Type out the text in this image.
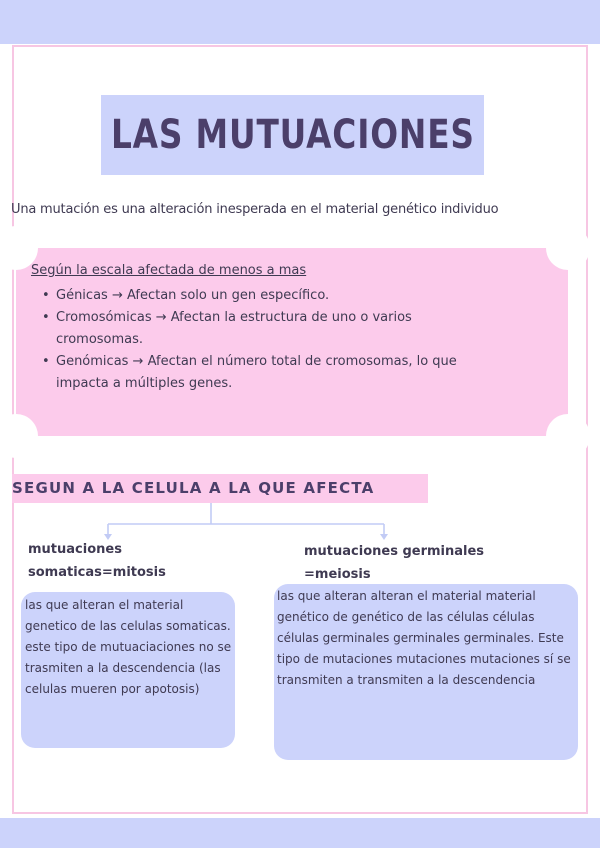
LAS MUTUACIONES
Una mutación es una alteración inesperada en el material genético individuo
Según la escala afectada de menos a mas
• Génicas → Afectan solo un gen específico.
• Cromosómicas → Afectan la estructura de uno o varios cromosomas.
• Genómicas → Afectan el número total de cromosomas, lo que impacta a múltiples genes.
SEGUN A LA CELULA A LA QUE AFECTA
mutuaciones somaticas=mitosis
mutuaciones germinales =meiosis
las que alteran el material genetico de las celulas somaticas. este tipo de mutuaciaciones no se trasmiten a la descendencia (las celulas mueren por apotosis)
las que alteran alteran el material material genético de genético de las células células células germinales germinales germinales. Este tipo de mutaciones mutaciones mutaciones sí se transmiten a transmiten a la descendencia
